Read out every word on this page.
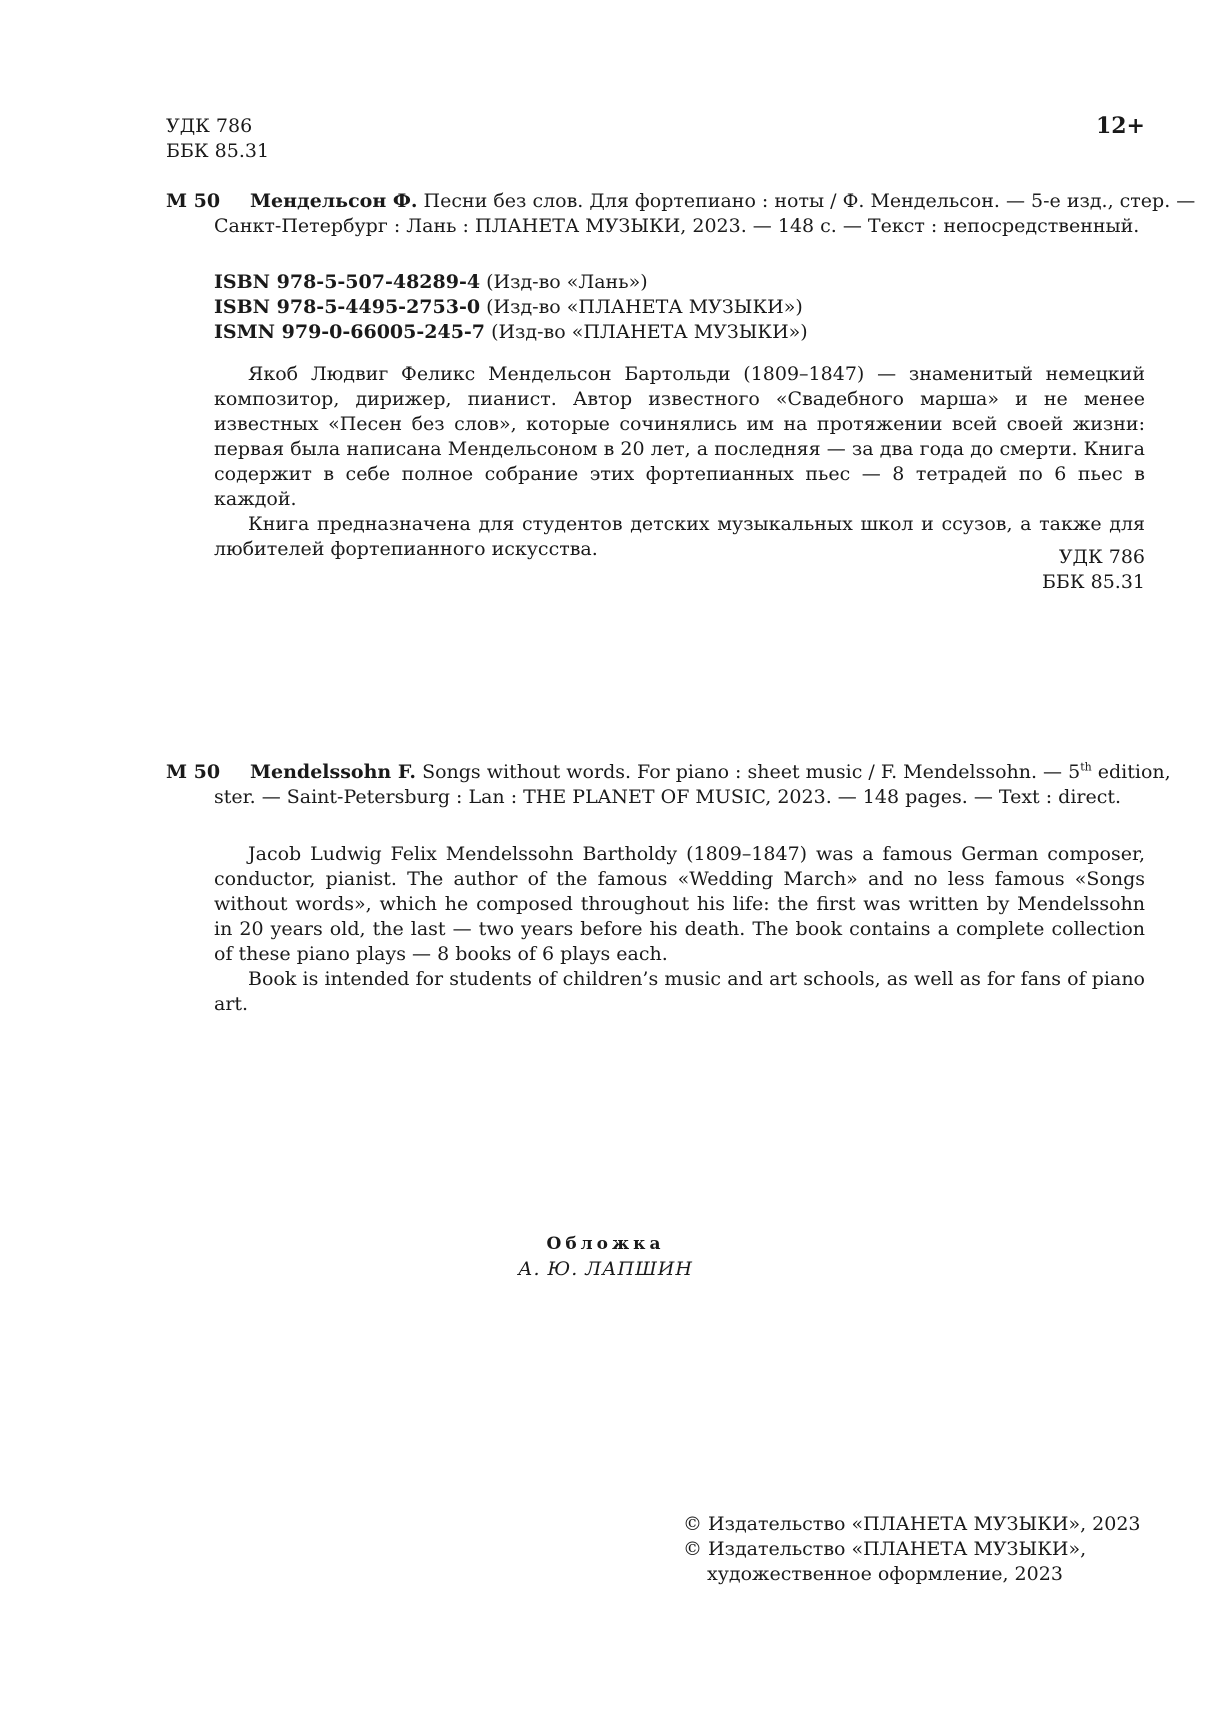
УДК 786
ББК 85.31
12+
М 50 Мендельсон Ф. Песни без слов. Для фортепиано : ноты / Ф. Мендельсон. — 5-е изд., стер. —
Санкт-Петербург : Лань : ПЛАНЕТА МУЗЫКИ, 2023. — 148 с. — Текст : непосредственный.
ISBN 978-5-507-48289-4 (Изд-во «Лань»)
ISBN 978-5-4495-2753-0 (Изд-во «ПЛАНЕТА МУЗЫКИ»)
ISMN 979-0-66005-245-7 (Изд-во «ПЛАНЕТА МУЗЫКИ»)

Якоб Людвиг Феликс Мендельсон Бартольди (1809–1847) — знаменитый немецкий композитор, дирижер, пианист. Автор известного «Свадебного марша» и не менее известных «Песен без слов», которые сочинялись им на протяжении всей своей жизни: первая была написана Мендельсоном в 20 лет, а последняя — за два года до смерти. Книга содержит в себе полное собрание этих фортепианных пьес — 8 тетрадей по 6 пьес в каждой.

Книга предназначена для студентов детских музыкальных школ и ссузов, а также для любителей фортепианного искусства.	УДК 786
ББК 85.31
M 50 Mendelssohn F. Songs without words. For piano : sheet music / F. Mendelssohn. — 5th edition,
ster. — Saint-Petersburg : Lan : THE PLANET OF MUSIC, 2023. — 148 pages. — Text : direct.

Jacob Ludwig Felix Mendelssohn Bartholdy (1809–1847) was a famous German composer, conductor, pianist. The author of the famous «Wedding March» and no less famous «Songs without words», which he composed throughout his life: the first was written by Mendelssohn in 20 years old, the last — two years before his death. The book contains a complete collection of these piano plays — 8 books of 6 plays each.

Book is intended for students of children’s music and art schools, as well as for fans of piano art.

Обложка
А. Ю. ЛАПШИН
© Издательство «ПЛАНЕТА МУЗЫКИ», 2023
© Издательство «ПЛАНЕТА МУЗЫКИ»,
художественное оформление, 2023
